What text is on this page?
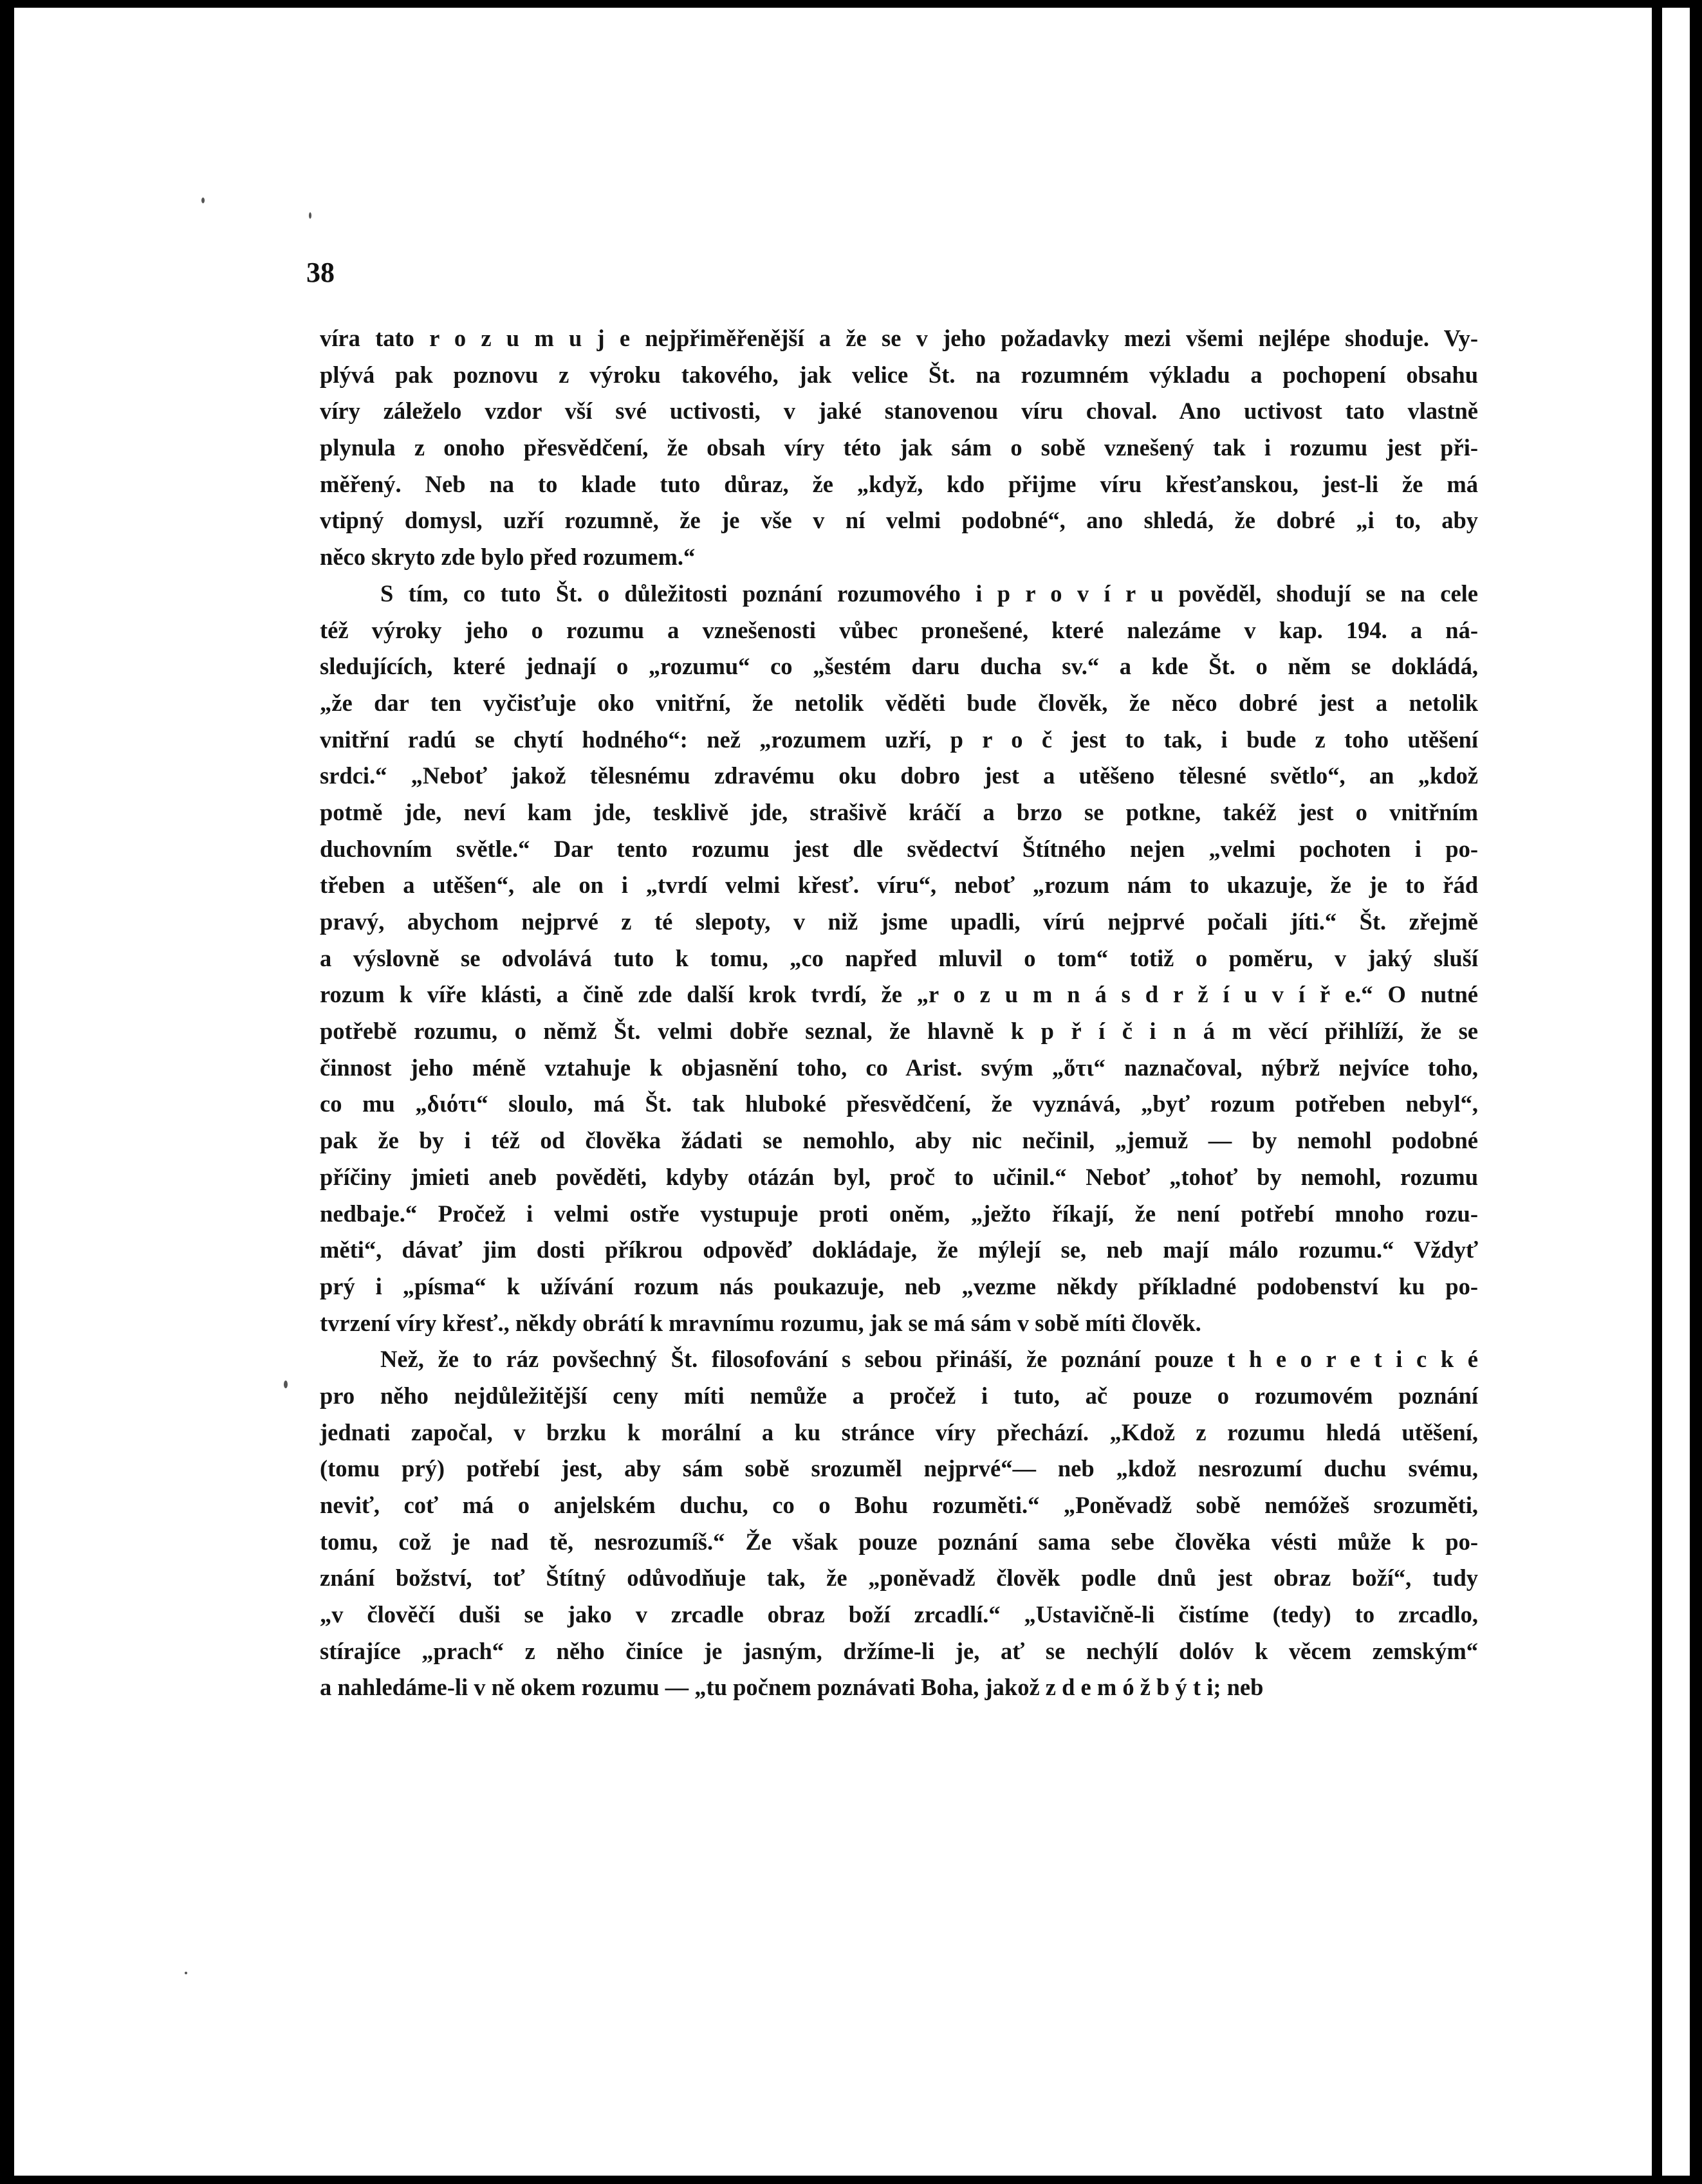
38

víra tato r o z u m u j e nejpřiměřenější a že se v jeho požadavky mezi všemi nejlépe shoduje. Vy-
plývá pak poznovu z výroku takového, jak velice Št. na rozumném výkladu a pochopení obsahu
víry záleželo vzdor vší své uctivosti, v jaké stanovenou víru choval. Ano uctivost tato vlastně
plynula z onoho přesvědčení, že obsah víry této jak sám o sobě vznešený tak i rozumu jest při-
měřený. Neb na to klade tuto důraz, že „když, kdo přijme víru křesťanskou, jest-li že má
vtipný domysl, uzří rozumně, že je vše v ní velmi podobné“, ano shledá, že dobré „i to, aby
něco skryto zde bylo před rozumem.“
S tím, co tuto Št. o důležitosti poznání rozumového i p r o v í r u pověděl, shodují se na cele
též výroky jeho o rozumu a vznešenosti vůbec pronešené, které nalezáme v kap. 194. a ná-
sledujících, které jednají o „rozumu“ co „šestém daru ducha sv.“ a kde Št. o něm se dokládá,
„že dar ten vyčisťuje oko vnitřní, že netolik věděti bude člověk, že něco dobré jest a netolik
vnitřní radú se chytí hodného“: než „rozumem uzří, p r o č jest to tak, i bude z toho utěšení
srdci.“ „Neboť jakož tělesnému zdravému oku dobro jest a utěšeno tělesné světlo“, an „kdož
potmě jde, neví kam jde, tesklivě jde, strašivě kráčí a brzo se potkne, takéž jest o vnitřním
duchovním světle.“ Dar tento rozumu jest dle svědectví Štítného nejen „velmi pochoten i po-
třeben a utěšen“, ale on i „tvrdí velmi křesť. víru“, neboť „rozum nám to ukazuje, že je to řád
pravý, abychom nejprvé z té slepoty, v niž jsme upadli, vírú nejprvé počali jíti.“ Št. zřejmě
a výslovně se odvolává tuto k tomu, „co napřed mluvil o tom“ totiž o poměru, v jaký sluší
rozum k víře klásti, a čině zde další krok tvrdí, že „r o z u m n á s d r ž í u v í ř e.“ O nutné
potřebě rozumu, o němž Št. velmi dobře seznal, že hlavně k p ř í č i n á m věcí přihlíží, že se
činnost jeho méně vztahuje k objasnění toho, co Arist. svým „ὅτι“ naznačoval, nýbrž nejvíce toho,
co mu „διότι“ sloulo, má Št. tak hluboké přesvědčení, že vyznává, „byť rozum potřeben nebyl“,
pak že by i též od člověka žádati se nemohlo, aby nic nečinil, „jemuž — by nemohl podobné
příčiny jmieti aneb pověděti, kdyby otázán byl, proč to učinil.“ Neboť „tohoť by nemohl, rozumu
nedbaje.“ Pročež i velmi ostře vystupuje proti oněm, „ježto říkají, že není potřebí mnoho rozu-
měti“, dávať jim dosti příkrou odpověď dokládaje, že mýlejí se, neb mají málo rozumu.“ Vždyť
prý i „písma“ k užívání rozum nás poukazuje, neb „vezme někdy příkladné podobenství ku po-
tvrzení víry křesť., někdy obrátí k mravnímu rozumu, jak se má sám v sobě míti člověk.
Než, že to ráz povšechný Št. filosofování s sebou přináší, že poznání pouze t h e o r e t i c k é
pro něho nejdůležitější ceny míti nemůže a pročež i tuto, ač pouze o rozumovém poznání
jednati započal, v brzku k morální a ku stránce víry přechází. „Kdož z rozumu hledá utěšení,
(tomu prý) potřebí jest, aby sám sobě srozuměl nejprvé“— neb „kdož nesrozumí duchu svému,
neviť, coť má o anjelském duchu, co o Bohu rozuměti.“ „Poněvadž sobě nemóžeš srozuměti,
tomu, což je nad tě, nesrozumíš.“ Že však pouze poznání sama sebe člověka vésti může k po-
znání božství, toť Štítný odůvodňuje tak, že „poněvadž člověk podle dnů jest obraz boží“, tudy
„v člověčí duši se jako v zrcadle obraz boží zrcadlí.“ „Ustavičně-li čistíme (tedy) to zrcadlo,
stírajíce „prach“ z něho činíce je jasným, držíme-li je, ať se nechýlí dolóv k věcem zemským“
a nahledáme-li v ně okem rozumu — „tu počnem poznávati Boha, jakož z d e m ó ž b ý t i; neb
